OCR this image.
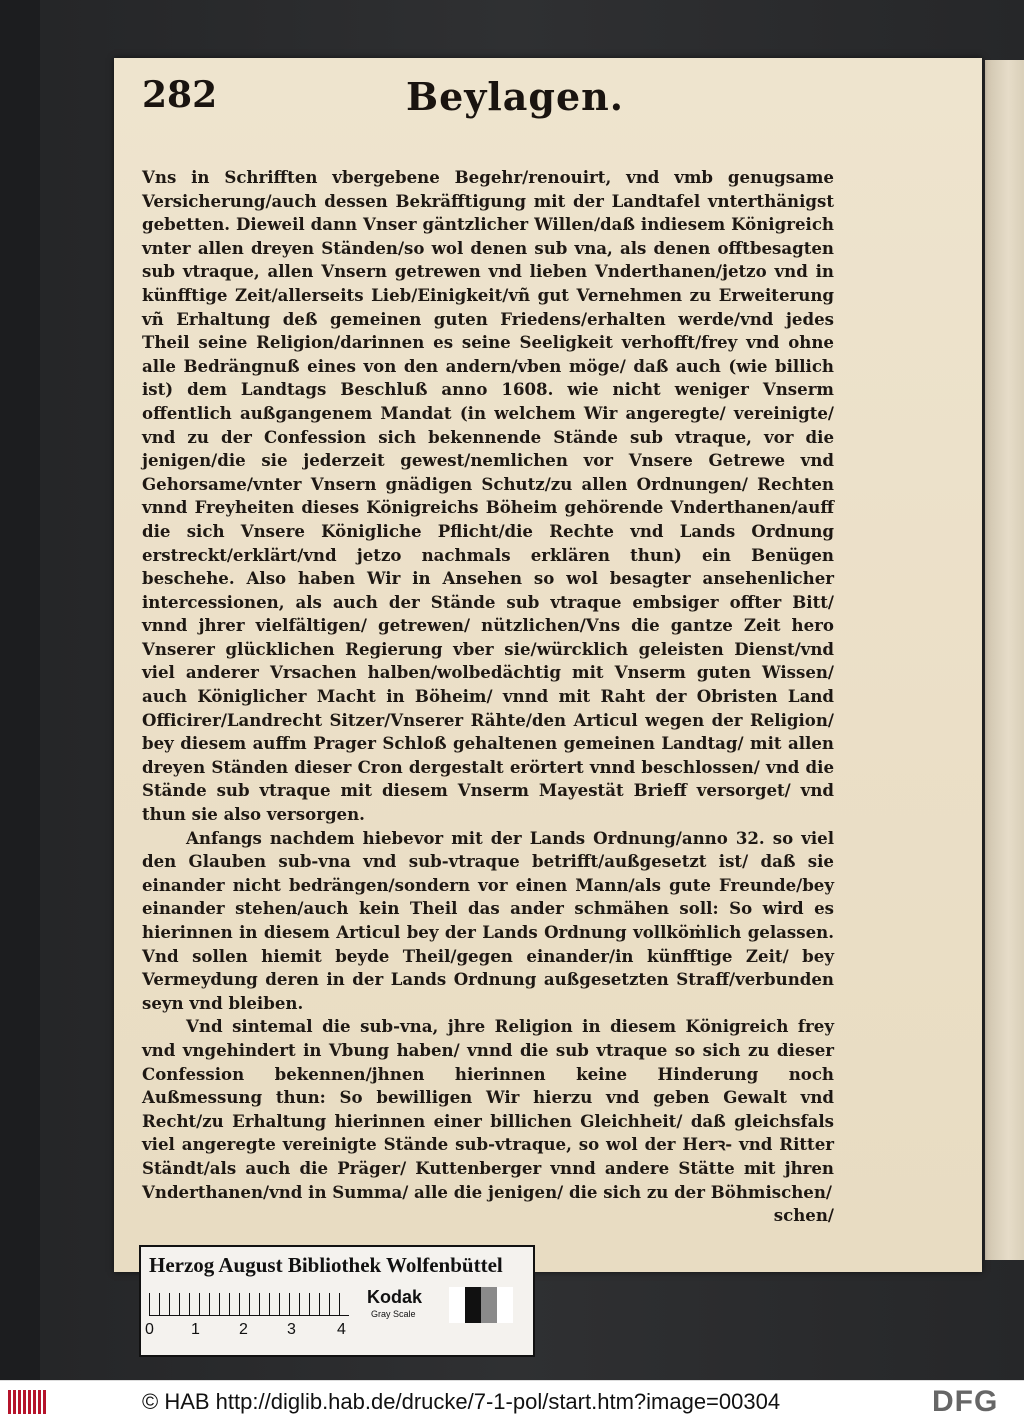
282	Beylagen.

Vns in Schrifften vbergebene Begehr/renouirt, vnd vmb genugsame Versicherung/auch dessen Bekräfftigung mit der Landtafel vnterthänigst gebetten. Dieweil dann Vnser gäntzlicher Willen/daß indiesem Königreich vnter allen dreyen Ständen/so wol denen sub vna, als denen offtbesagten sub vtraque, allen Vnsern getrewen vnd lieben Vnderthanen/jetzo vnd in künfftige Zeit/allerseits Lieb/Einigkeit/vñ gut Vernehmen zu Erweiterung vñ Erhaltung deß gemeinen guten Friedens/erhalten werde/vnd jedes Theil seine Religion/darinnen es seine Seeligkeit verhofft/frey vnd ohne alle Bedrängnuß eines von den andern/vben möge/ daß auch (wie billich ist) dem Landtags Beschluß anno 1608. wie nicht weniger Vnserm offentlich außgangenem Mandat (in welchem Wir angeregte/ vereinigte/ vnd zu der Confession sich bekennende Stände sub vtraque, vor die jenigen/die sie jederzeit gewest/nemlichen vor Vnsere Getrewe vnd Gehorsame/vnter Vnsern gnädigen Schutz/zu allen Ordnungen/ Rechten vnnd Freyheiten dieses Königreichs Böheim gehörende Vnderthanen/auff die sich Vnsere Königliche Pflicht/die Rechte vnd Lands Ordnung erstreckt/erklärt/vnd jetzo nachmals erklären thun) ein Benügen beschehe. Also haben Wir in Ansehen so wol besagter ansehenlicher intercessionen, als auch der Stände sub vtraque embsiger offter Bitt/ vnnd jhrer vielfältigen/ getrewen/ nützlichen/Vns die gantze Zeit hero Vnserer glücklichen Regierung vber sie/würcklich geleisten Dienst/vnd viel anderer Vrsachen halben/wolbedächtig mit Vnserm guten Wissen/ auch Königlicher Macht in Böheim/ vnnd mit Raht der Obristen Land Officirer/Landrecht Sitzer/Vnserer Rähte/den Articul wegen der Religion/ bey diesem auffm Prager Schloß gehaltenen gemeinen Landtag/ mit allen dreyen Ständen dieser Cron dergestalt erörtert vnnd beschlossen/ vnd die Stände sub vtraque mit diesem Vnserm Mayestät Brieff versorget/ vnd thun sie also versorgen.

Anfangs nachdem hiebevor mit der Lands Ordnung/anno 32. so viel den Glauben sub-vna vnd sub-vtraque betrifft/außgesetzt ist/ daß sie einander nicht bedrängen/sondern vor einen Mann/als gute Freunde/bey einander stehen/auch kein Theil das ander schmähen soll: So wird es hierinnen in diesem Articul bey der Lands Ordnung vollköṁlich gelassen. Vnd sollen hiemit beyde Theil/gegen einander/in künfftige Zeit/ bey Vermeydung deren in der Lands Ordnung außgesetzten Straff/verbunden seyn vnd bleiben.

Vnd sintemal die sub-vna, jhre Religion in diesem Königreich frey vnd vngehindert in Vbung haben/ vnnd die sub vtraque so sich zu dieser Confession bekennen/jhnen hierinnen keine Hinderung noch Außmessung thun: So bewilligen Wir hierzu vnd geben Gewalt vnd Recht/zu Erhaltung hierinnen einer billichen Gleichheit/ daß gleichsfals viel angeregte vereinigte Stände sub-vtraque, so wol der Herꝛ- vnd Ritter Ständt/als auch die Präger/ Kuttenberger vnnd andere Stätte mit jhren Vnderthanen/vnd in Summa/ alle die jenigen/ die sich zu der Böhmischen/

schen/

Herzog August Bibliothek Wolfenbüttel
0 1 2 3	4
Kodak
Gray Scale
© HAB http://diglib.hab.de/drucke/7-1-pol/start.htm?image=00304	DFG
